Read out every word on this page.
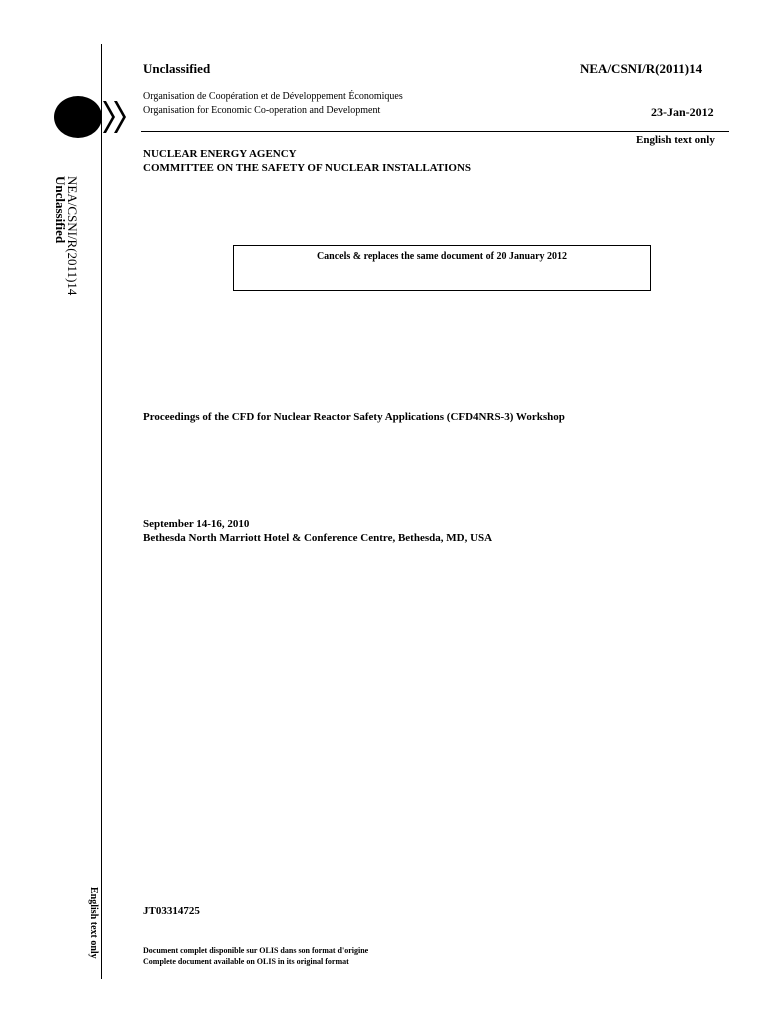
NEA/CSNI/R(2011)14
Unclassified
English text only
Unclassified	NEA/CSNI/R(2011)14
Organisation de Coopération et de Développement Économiques
Organisation for Economic Co-operation and Development	23-Jan-2012
English text only
NUCLEAR ENERGY AGENCY
COMMITTEE ON THE SAFETY OF NUCLEAR INSTALLATIONS
Cancels & replaces the same document of 20 January 2012
Proceedings of the CFD for Nuclear Reactor Safety Applications (CFD4NRS-3) Workshop
September 14-16, 2010
Bethesda North Marriott Hotel & Conference Centre, Bethesda, MD, USA
JT03314725
Document complet disponible sur OLIS dans son format d'origine
Complete document available on OLIS in its original format
